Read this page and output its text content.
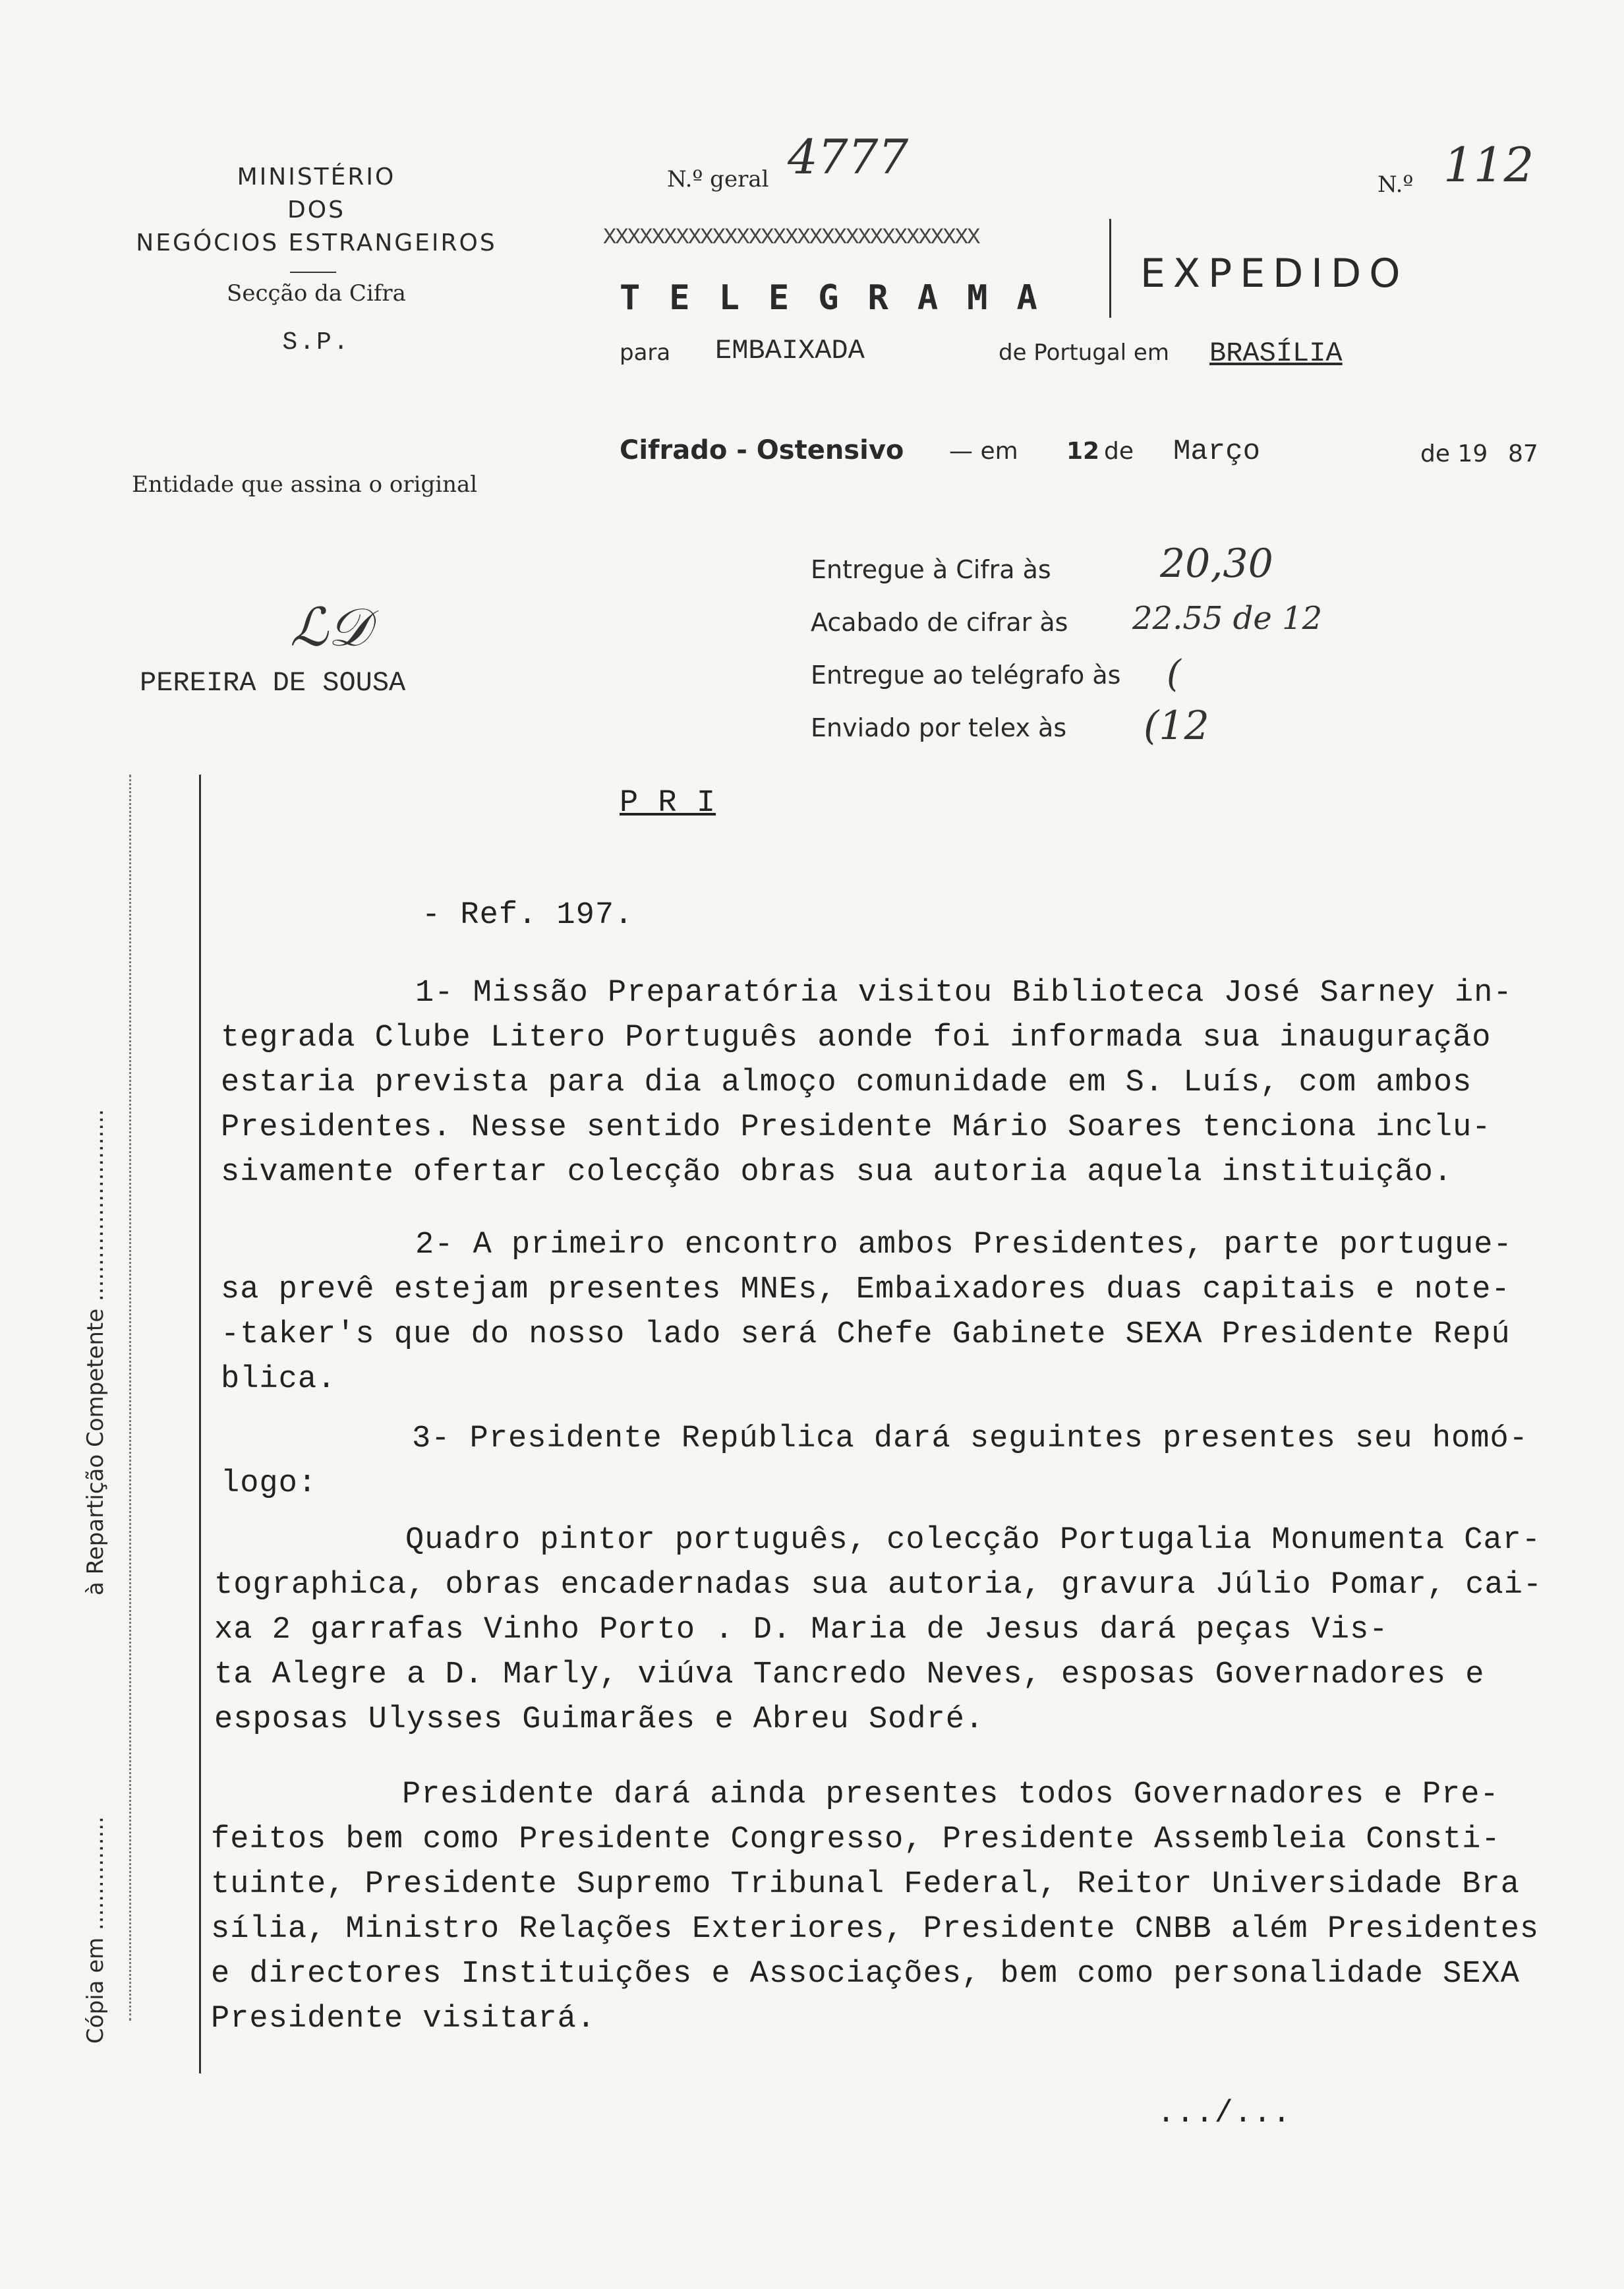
MINISTÉRIO
DOS
NEGÓCIOS ESTRANGEIROS
Secção da Cifra
S.P.
N.º geral 4777	N.º 112
XXXXXXXXXXXXXXXXXXXXXXXXXXXXXXX
TELEGRAMA
EXPEDIDO
para EMBAIXADA	de Portugal em BRASÍLIA
Cifrado - Ostensivo — em 12 de Março	de 19 87
Entidade que assina o original
ℒ𝒟
PEREIRA DE SOUSA
Entregue à Cifra às	20,30
Acabado de cifrar às 22.55 de 12
Entregue ao telégrafo às (
Enviado por telex às (12
Cópia em ................
à Repartição Competente ...........................
P R I
- Ref. 197.
1- Missão Preparatória visitou Biblioteca José Sarney in-
tegrada Clube Litero Português aonde foi informada sua inauguração
estaria prevista para dia almoço comunidade em S. Luís, com ambos
Presidentes. Nesse sentido Presidente Mário Soares tenciona inclu-
sivamente ofertar colecção obras sua autoria aquela instituição.
2- A primeiro encontro ambos Presidentes, parte portugue-
sa prevê estejam presentes MNEs, Embaixadores duas capitais e note-
-taker's que do nosso lado será Chefe Gabinete SEXA Presidente Repú
blica.
3- Presidente República dará seguintes presentes seu homó-
logo:
Quadro pintor português, colecção Portugalia Monumenta Car-
tographica, obras encadernadas sua autoria, gravura Júlio Pomar, cai-
xa 2 garrafas Vinho Porto . D. Maria de Jesus dará peças Vis-
ta Alegre a D. Marly, viúva Tancredo Neves, esposas Governadores e
esposas Ulysses Guimarães e Abreu Sodré.
Presidente dará ainda presentes todos Governadores e Pre-
feitos bem como Presidente Congresso, Presidente Assembleia Consti-
tuinte, Presidente Supremo Tribunal Federal, Reitor Universidade Bra
sília, Ministro Relações Exteriores, Presidente CNBB além Presidentes
e directores Instituições e Associações, bem como personalidade SEXA
Presidente visitará.
.../...
